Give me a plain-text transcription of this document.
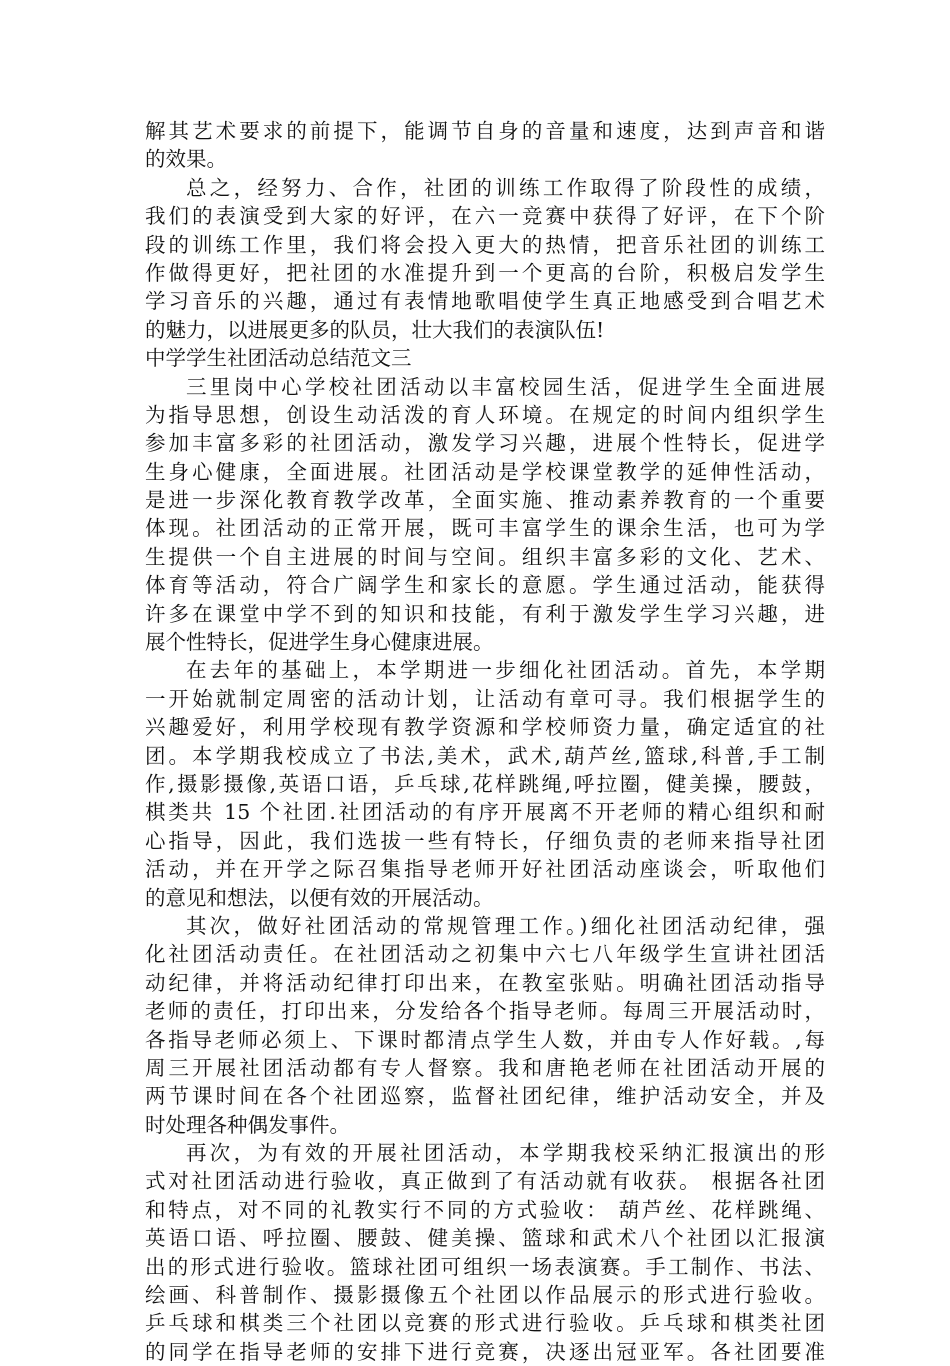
解其艺术要求的前提下，能调节自身的音量和速度，达到声音和谐
的效果。
总之，经努力、合作，社团的训练工作取得了阶段性的成绩，
我们的表演受到大家的好评，在六一竞赛中获得了好评，在下个阶
段的训练工作里，我们将会投入更大的热情，把音乐社团的训练工
作做得更好，把社团的水准提升到一个更高的台阶，积极启发学生
学习音乐的兴趣，通过有表情地歌唱使学生真正地感受到合唱艺术
的魅力，以进展更多的队员，壮大我们的表演队伍!
中学学生社团活动总结范文三
三里岗中心学校社团活动以丰富校园生活，促进学生全面进展
为指导思想，创设生动活泼的育人环境。在规定的时间内组织学生
参加丰富多彩的社团活动，激发学习兴趣，进展个性特长，促进学
生身心健康，全面进展。社团活动是学校课堂教学的延伸性活动，
是进一步深化教育教学改革，全面实施、推动素养教育的一个重要
体现。社团活动的正常开展，既可丰富学生的课余生活，也可为学
生提供一个自主进展的时间与空间。组织丰富多彩的文化、艺术、
体育等活动，符合广阔学生和家长的意愿。学生通过活动，能获得
许多在课堂中学不到的知识和技能，有利于激发学生学习兴趣，进
展个性特长，促进学生身心健康进展。
在去年的基础上，本学期进一步细化社团活动。首先，本学期
一开始就制定周密的活动计划，让活动有章可寻。我们根据学生的
兴趣爱好，利用学校现有教学资源和学校师资力量，确定适宜的社
团。本学期我校成立了书法,美术，武术,葫芦丝,篮球,科普,手工制
作,摄影摄像,英语口语，乒乓球,花样跳绳,呼拉圈，健美操，腰鼓，
棋类共 15 个社团.社团活动的有序开展离不开老师的精心组织和耐
心指导，因此，我们选拔一些有特长，仔细负责的老师来指导社团
活动，并在开学之际召集指导老师开好社团活动座谈会，听取他们
的意见和想法，以便有效的开展活动。
其次，做好社团活动的常规管理工作。)细化社团活动纪律，强
化社团活动责任。在社团活动之初集中六七八年级学生宣讲社团活
动纪律，并将活动纪律打印出来，在教室张贴。明确社团活动指导
老师的责任，打印出来，分发给各个指导老师。每周三开展活动时，
各指导老师必须上、下课时都清点学生人数，并由专人作好载。,每
周三开展社团活动都有专人督察。我和唐艳老师在社团活动开展的
两节课时间在各个社团巡察，监督社团纪律，维护活动安全，并及
时处理各种偶发事件。
再次，为有效的开展社团活动，本学期我校采纳汇报演出的形
式对社团活动进行验收，真正做到了有活动就有收获。 根据各社团
和特点，对不同的礼教实行不同的方式验收： 葫芦丝、花样跳绳、
英语口语、呼拉圈、腰鼓、健美操、篮球和武术八个社团以汇报演
出的形式进行验收。篮球社团可组织一场表演赛。手工制作、书法、
绘画、科普制作、摄影摄像五个社团以作品展示的形式进行验收。
乒乓球和棋类三个社团以竞赛的形式进行验收。乒乓球和棋类社团
的同学在指导老师的安排下进行竞赛，决逐出冠亚军。各社团要准
